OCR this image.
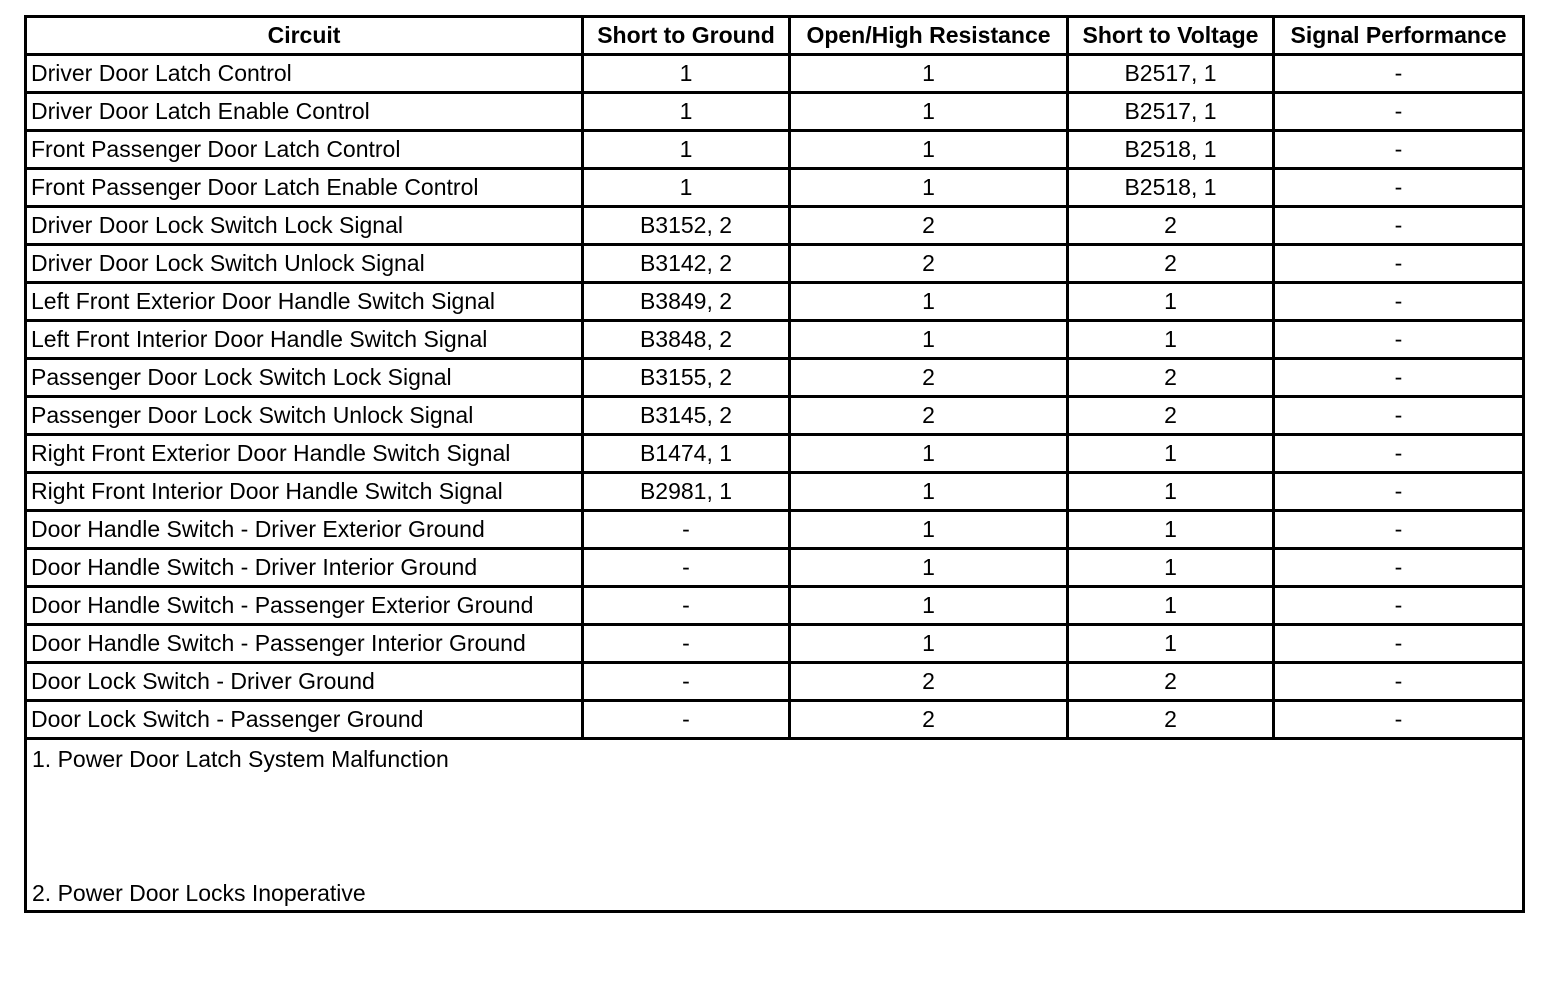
Circuit	Short to Ground	Open/High Resistance	Short to Voltage	Signal Performance
Driver Door Latch Control	1	1	B2517, 1	-
Driver Door Latch Enable Control	1	1	B2517, 1	-
Front Passenger Door Latch Control	1	1	B2518, 1	-
Front Passenger Door Latch Enable Control	1	1	B2518, 1	-
Driver Door Lock Switch Lock Signal	B3152, 2	2	2	-
Driver Door Lock Switch Unlock Signal	B3142, 2	2	2	-
Left Front Exterior Door Handle Switch Signal	B3849, 2	1	1	-
Left Front Interior Door Handle Switch Signal	B3848, 2	1	1	-
Passenger Door Lock Switch Lock Signal	B3155, 2	2	2	-
Passenger Door Lock Switch Unlock Signal	B3145, 2	2	2	-
Right Front Exterior Door Handle Switch Signal	B1474, 1	1	1	-
Right Front Interior Door Handle Switch Signal	B2981, 1	1	1	-
Door Handle Switch - Driver Exterior Ground	-	1	1	-
Door Handle Switch - Driver Interior Ground	-	1	1	-
Door Handle Switch - Passenger Exterior Ground	-	1	1	-
Door Handle Switch - Passenger Interior Ground	-	1	1	-
Door Lock Switch - Driver Ground	-	2	2	-
Door Lock Switch - Passenger Ground	-	2	2	-

1. Power Door Latch System Malfunction
2. Power Door Locks Inoperative				
